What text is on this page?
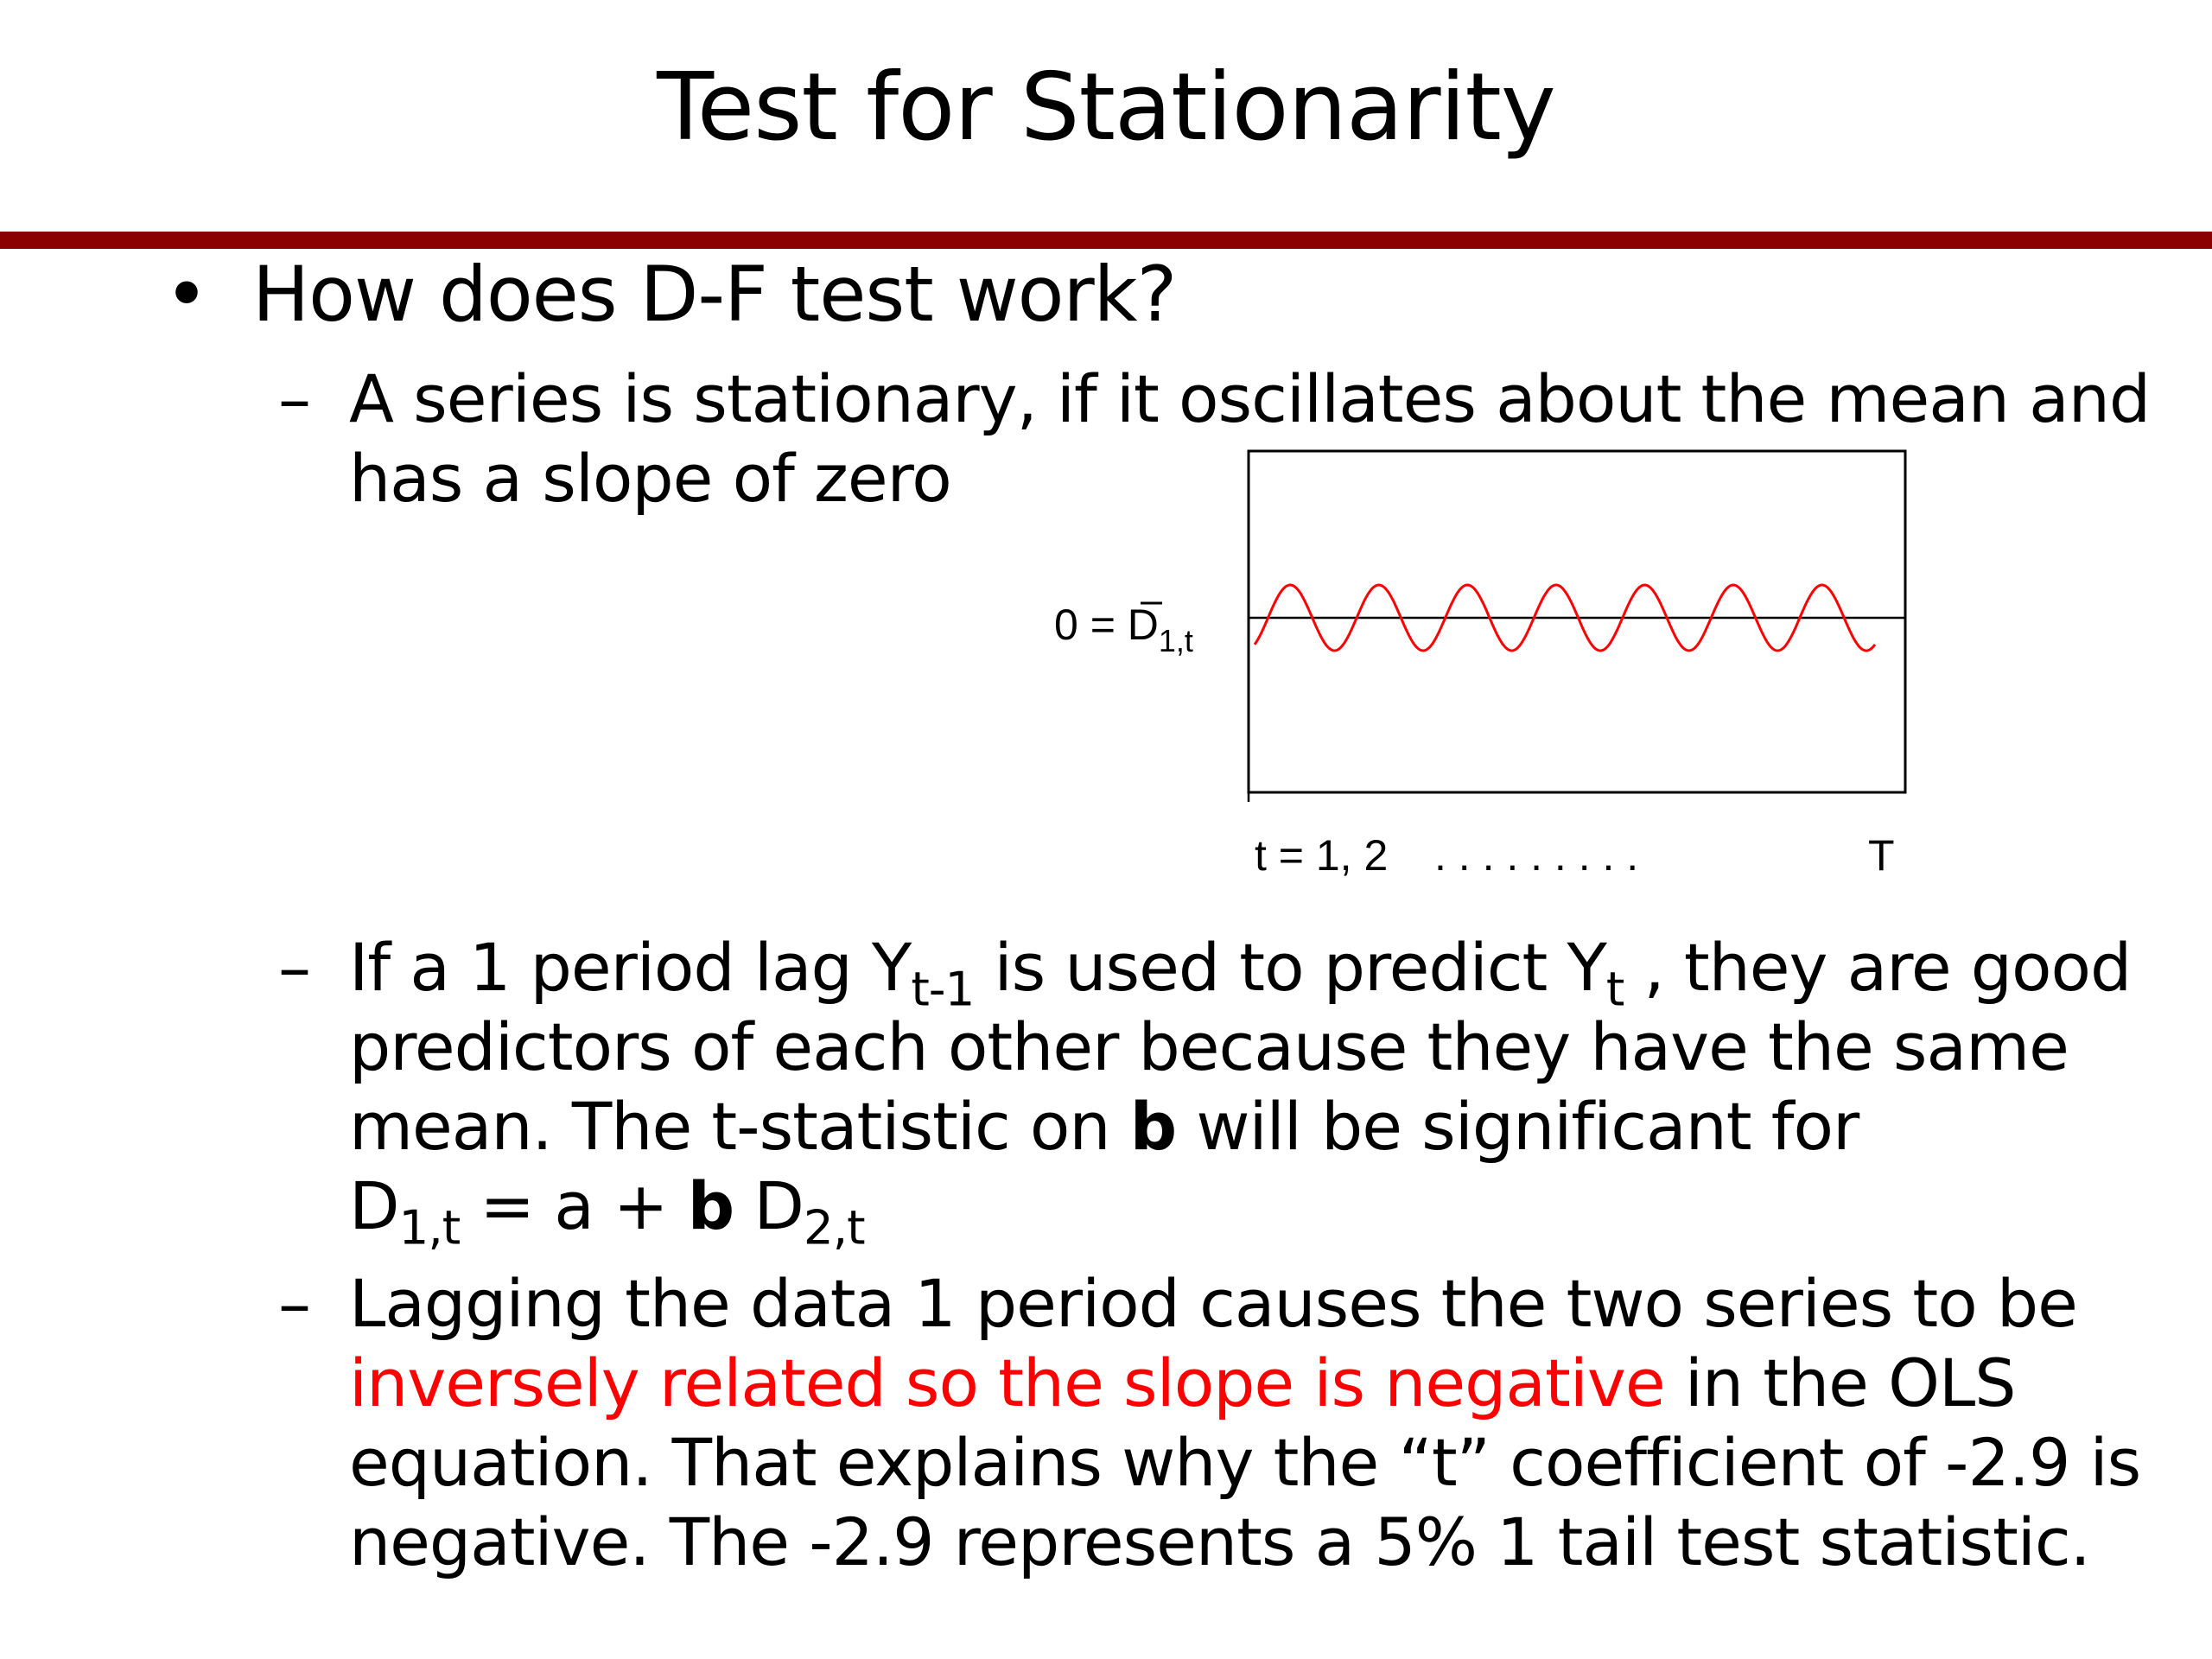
Test for Stationarity
• How does D-F test work?
– A series is stationary, if it oscillates about the mean and has a slope of zero
– If a 1 period lag $Y_{t-1}$ is used to predict $Y_t$ , they are good predictors of each other because they have the same mean. The t-statistic on b will be significant for
$D_{1,t} = a + b$ $D_{2,t}$
– Lagging the data 1 period causes the two series to be inversely related so the slope is negative in the OLS equation. That explains why the “t” coefficient of -2.9 is negative. The -2.9 represents a 5% 1 tail test statistic.
$0 = D_{1,t}$
t = 1, 2 . . . . . . . . .	T
